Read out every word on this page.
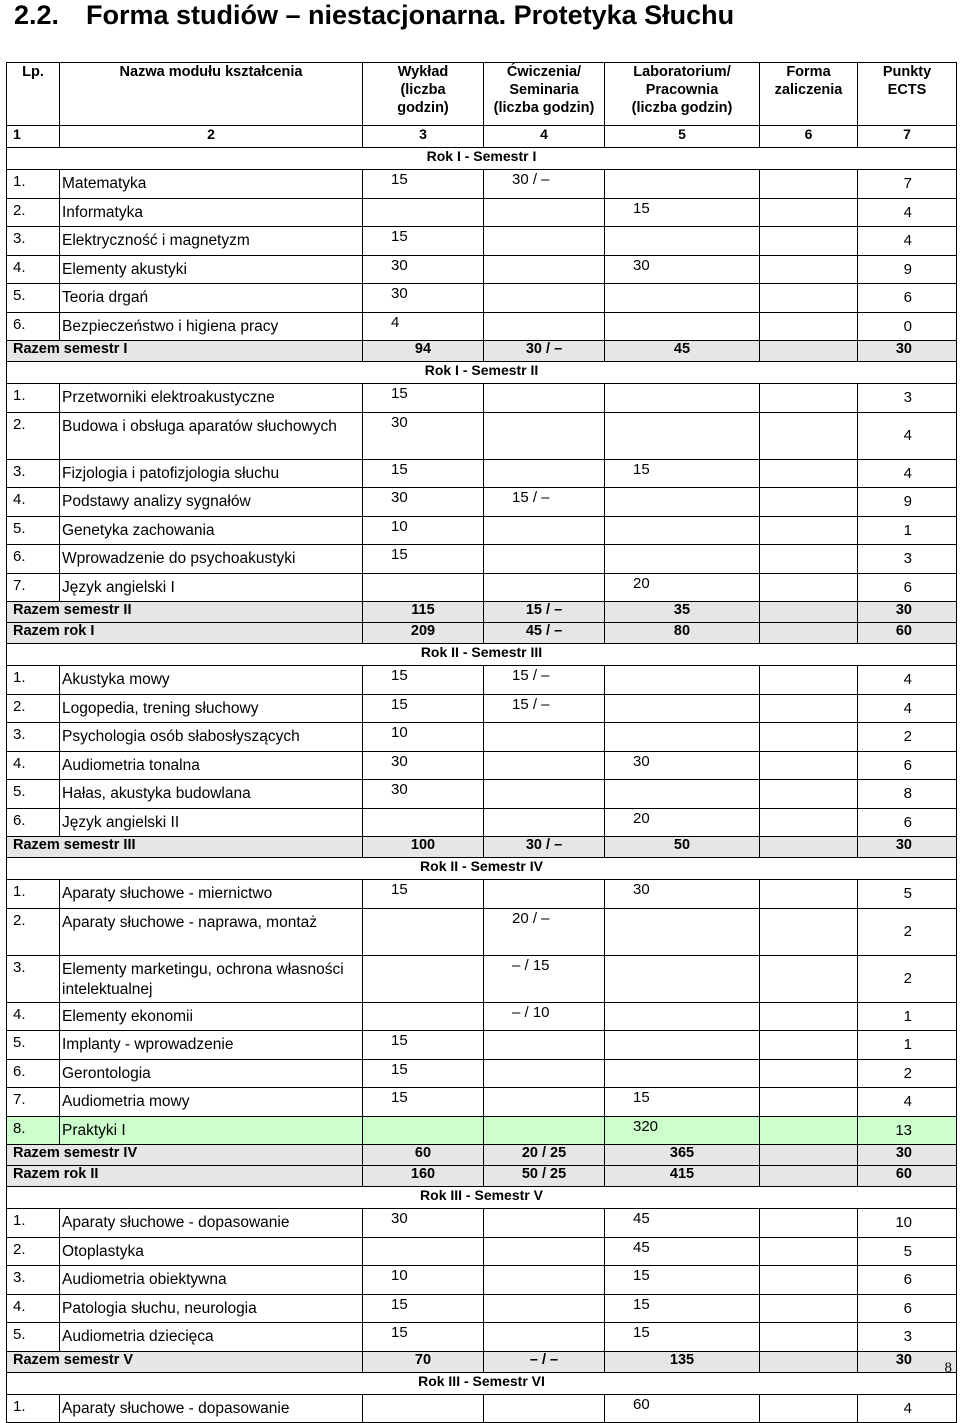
2.2. Forma studiów – niestacjonarna. Protetyka Słuchu
Lp.	Nazwa modułu kształcenia	Wykład
(liczba
godzin)	Ćwiczenia/
Seminaria
(liczba godzin)	Laboratorium/
Pracownia
(liczba godzin)	Forma
zaliczenia	Punkty
ECTS
1	2	3	4	5	6	7
Rok I - Semestr I						
1.	Matematyka	15	30 / –			7
2.	Informatyka			15		4
3.	Elektryczność i magnetyzm	15				4
4.	Elementy akustyki	30		30		9
5.	Teoria drgań	30				6
6.	Bezpieczeństwo i higiena pracy	4				0
Razem semestr I		94	30 / –	45		30
Rok I - Semestr II						
1.	Przetworniki elektroakustyczne	15				3
2.	Budowa i obsługa aparatów słuchowych	30				4
3.	Fizjologia i patofizjologia słuchu	15		15		4
4.	Podstawy analizy sygnałów	30	15 / –			9
5.	Genetyka zachowania	10				1
6.	Wprowadzenie do psychoakustyki	15				3
7.	Język angielski I			20		6
Razem semestr II		115	15 / –	35		30
Razem rok I		209	45 / –	80		60
Rok II - Semestr III						
1.	Akustyka mowy	15	15 / –			4
2.	Logopedia, trening słuchowy	15	15 / –			4
3.	Psychologia osób słabosłyszących	10				2
4.	Audiometria tonalna	30		30		6
5.	Hałas, akustyka budowlana	30				8
6.	Język angielski II			20		6
Razem semestr III		100	30 / –	50		30
Rok II - Semestr IV						
1.	Aparaty słuchowe - miernictwo	15		30		5
2.	Aparaty słuchowe - naprawa, montaż		20 / –			2
3.	Elementy marketingu, ochrona własności intelektualnej		– / 15			2
4.	Elementy ekonomii		– / 10			1
5.	Implanty - wprowadzenie	15				1
6.	Gerontologia	15				2
7.	Audiometria mowy	15		15		4
8.	Praktyki I			320		13
Razem semestr IV		60	20 / 25	365		30
Razem rok II		160	50 / 25	415		60
Rok III - Semestr V						
1.	Aparaty słuchowe - dopasowanie	30		45		10
2.	Otoplastyka			45		5
3.	Audiometria obiektywna	10		15		6
4.	Patologia słuchu, neurologia	15		15		6
5.	Audiometria dziecięca	15		15		3
Razem semestr V		70	– / –	135		30
Rok III - Semestr VI						
1.	Aparaty słuchowe - dopasowanie			60		4
8
